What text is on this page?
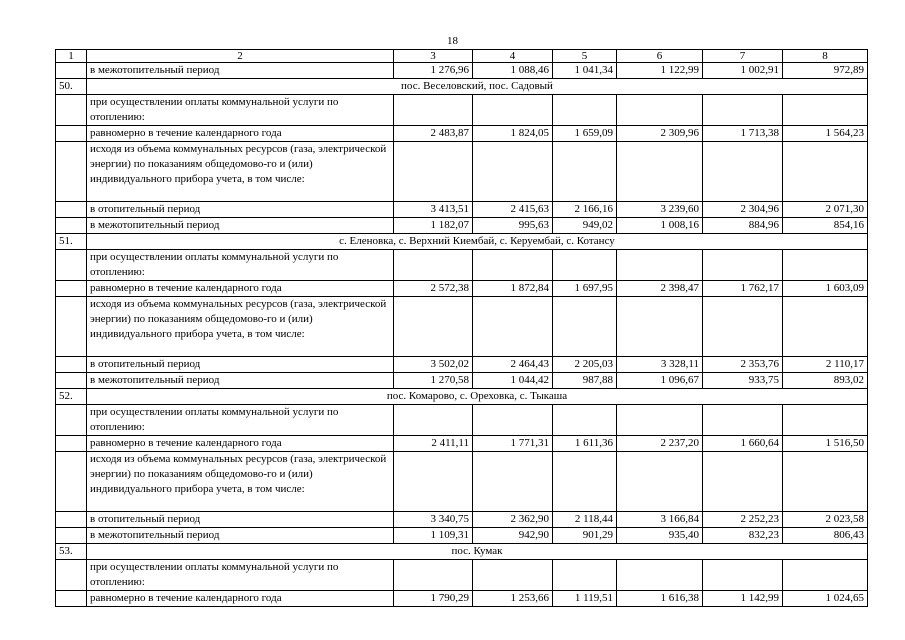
18
1	2	3	4	5	6	7	8
	в межотопительный период	1 276,96	1 088,46	1 041,34	1 122,99	1 002,91	972,89
50.	пос. Веселовский, пос. Садовый						
	при осуществлении оплаты коммунальной услуги по отоплению:						
	равномерно в течение календарного года	2 483,87	1 824,05	1 659,09	2 309,96	1 713,38	1 564,23
	исходя из объема коммунальных ресурсов (газа, электрической энергии) по показаниям общедомово-го и (или) индивидуального прибора учета, в том числе:						
	в отопительный период	3 413,51	2 415,63	2 166,16	3 239,60	2 304,96	2 071,30
	в межотопительный период	1 182,07	995,63	949,02	1 008,16	884,96	854,16
51.	с. Еленовка, с. Верхний Киембай, с. Керуембай, с. Котансу						
	при осуществлении оплаты коммунальной услуги по отоплению:						
	равномерно в течение календарного года	2 572,38	1 872,84	1 697,95	2 398,47	1 762,17	1 603,09
	исходя из объема коммунальных ресурсов (газа, электрической энергии) по показаниям общедомово-го и (или) индивидуального прибора учета, в том числе:						
	в отопительный период	3 502,02	2 464,43	2 205,03	3 328,11	2 353,76	2 110,17
	в межотопительный период	1 270,58	1 044,42	987,88	1 096,67	933,75	893,02
52.	пос. Комарово, с. Ореховка, с. Тыкаша						
	при осуществлении оплаты коммунальной услуги по отоплению:						
	равномерно в течение календарного года	2 411,11	1 771,31	1 611,36	2 237,20	1 660,64	1 516,50
	исходя из объема коммунальных ресурсов (газа, электрической энергии) по показаниям общедомово-го и (или) индивидуального прибора учета, в том числе:						
	в отопительный период	3 340,75	2 362,90	2 118,44	3 166,84	2 252,23	2 023,58
	в межотопительный период	1 109,31	942,90	901,29	935,40	832,23	806,43
53.	пос. Кумак						
	при осуществлении оплаты коммунальной услуги по отоплению:						
	равномерно в течение календарного года	1 790,29	1 253,66	1 119,51	1 616,38	1 142,99	1 024,65
